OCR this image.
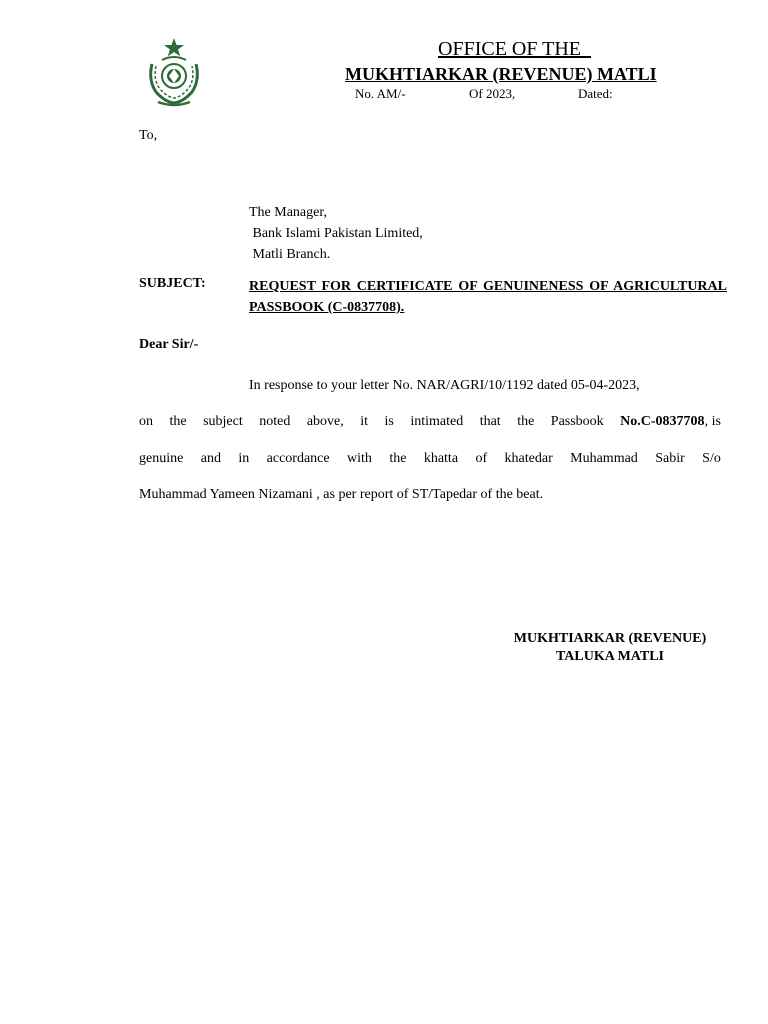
OFFICE OF THE
MUKHTIARKAR (REVENUE) MATLI
No. AM/-	Of 2023,	Dated:
To,
The Manager,
Bank Islami Pakistan Limited,
Matli Branch.
SUBJECT:	REQUEST FOR CERTIFICATE OF GENUINENESS OF AGRICULTURAL PASSBOOK (C-0837708).
Dear Sir/-
In response to your letter No. NAR/AGRI/10/1192 dated 05-04-2023,
on the subject noted above, it is intimated that the Passbook No.C-0837708, is
genuine and in accordance with the khatta of khatedar Muhammad Sabir S/o
Muhammad Yameen Nizamani , as per report of ST/Tapedar of the beat.
MUKHTIARKAR (REVENUE)
TALUKA MATLI
